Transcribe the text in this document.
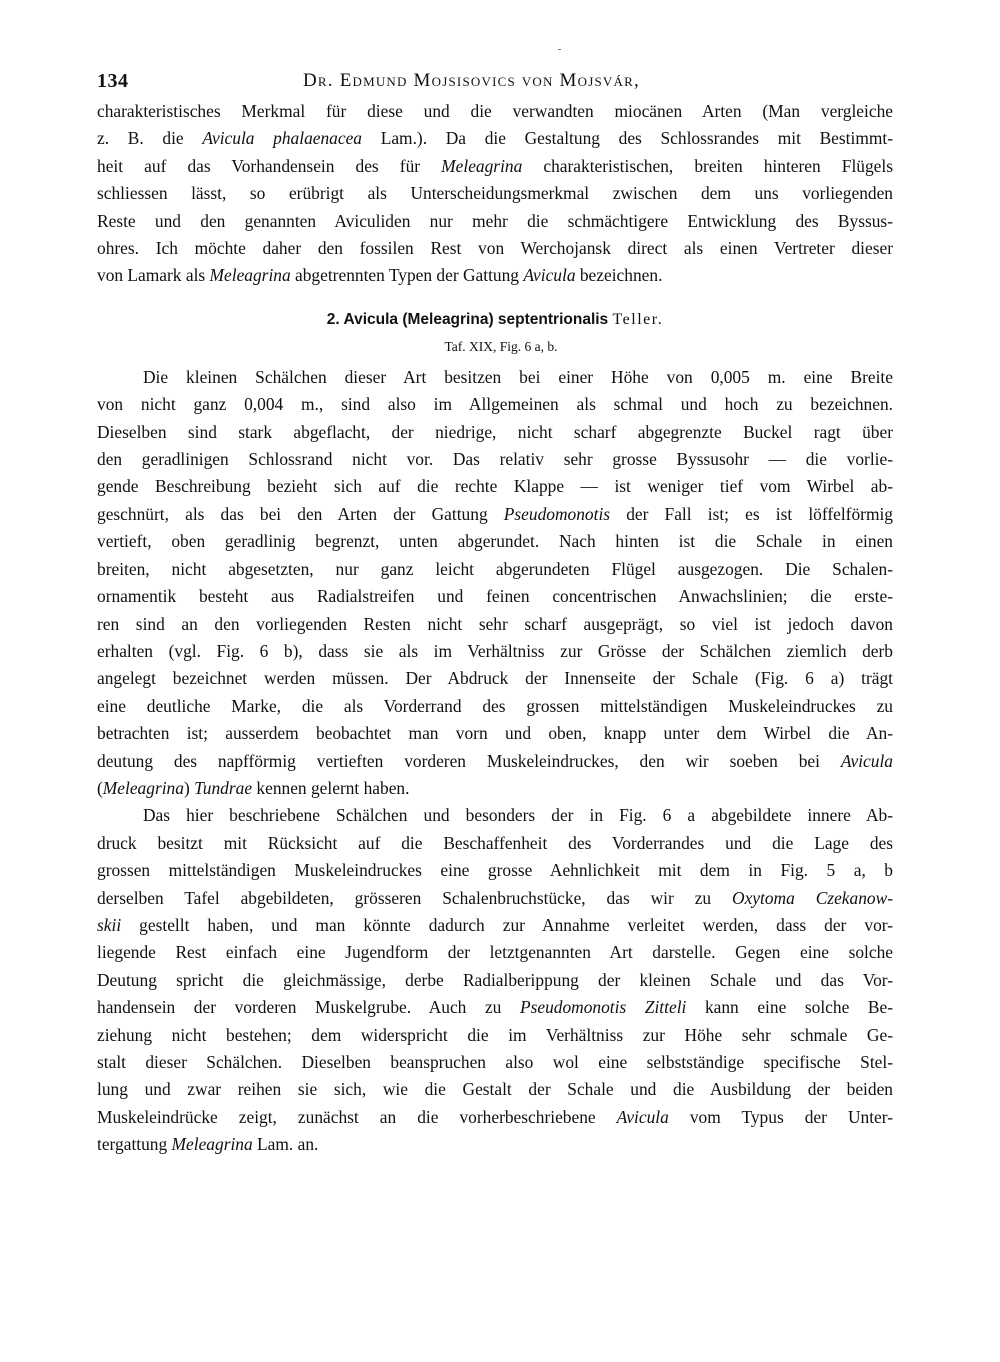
-
134	Dr. Edmund Mojsisovics von Mojsvár,
charakteristisches Merkmal für diese und die verwandten miocänen Arten (Man vergleiche
z. B. die Avicula phalaenacea Lam.). Da die Gestaltung des Schlossrandes mit Bestimmt-
heit auf das Vorhandensein des für Meleagrina charakteristischen, breiten hinteren Flügels
schliessen lässt, so erübrigt als Unterscheidungsmerkmal zwischen dem uns vorliegenden
Reste und den genannten Aviculiden nur mehr die schmächtigere Entwicklung des Byssus-
ohres. Ich möchte daher den fossilen Rest von Werchojansk direct als einen Vertreter dieser
von Lamark als Meleagrina abgetrennten Typen der Gattung Avicula bezeichnen.
2. Avicula (Meleagrina) septentrionalis Teller.
Taf. XIX, Fig. 6 a, b.
Die kleinen Schälchen dieser Art besitzen bei einer Höhe von 0,005 m. eine Breite
von nicht ganz 0,004 m., sind also im Allgemeinen als schmal und hoch zu bezeichnen.
Dieselben sind stark abgeflacht, der niedrige, nicht scharf abgegrenzte Buckel ragt über
den geradlinigen Schlossrand nicht vor. Das relativ sehr grosse Byssusohr — die vorlie-
gende Beschreibung bezieht sich auf die rechte Klappe — ist weniger tief vom Wirbel ab-
geschnürt, als das bei den Arten der Gattung Pseudomonotis der Fall ist; es ist löffelförmig
vertieft, oben geradlinig begrenzt, unten abgerundet. Nach hinten ist die Schale in einen
breiten, nicht abgesetzten, nur ganz leicht abgerundeten Flügel ausgezogen. Die Schalen-
ornamentik besteht aus Radialstreifen und feinen concentrischen Anwachslinien; die erste-
ren sind an den vorliegenden Resten nicht sehr scharf ausgeprägt, so viel ist jedoch davon
erhalten (vgl. Fig. 6 b), dass sie als im Verhältniss zur Grösse der Schälchen ziemlich derb
angelegt bezeichnet werden müssen. Der Abdruck der Innenseite der Schale (Fig. 6 a) trägt
eine deutliche Marke, die als Vorderrand des grossen mittelständigen Muskeleindruckes zu
betrachten ist; ausserdem beobachtet man vorn und oben, knapp unter dem Wirbel die An-
deutung des napfförmig vertieften vorderen Muskeleindruckes, den wir soeben bei Avicula
(Meleagrina) Tundrae kennen gelernt haben.
Das hier beschriebene Schälchen und besonders der in Fig. 6 a abgebildete innere Ab-
druck besitzt mit Rücksicht auf die Beschaffenheit des Vorderrandes und die Lage des
grossen mittelständigen Muskeleindruckes eine grosse Aehnlichkeit mit dem in Fig. 5 a, b
derselben Tafel abgebildeten, grösseren Schalenbruchstücke, das wir zu Oxytoma Czekanow-
skii gestellt haben, und man könnte dadurch zur Annahme verleitet werden, dass der vor-
liegende Rest einfach eine Jugendform der letztgenannten Art darstelle. Gegen eine solche
Deutung spricht die gleichmässige, derbe Radialberippung der kleinen Schale und das Vor-
handensein der vorderen Muskelgrube. Auch zu Pseudomonotis Zitteli kann eine solche Be-
ziehung nicht bestehen; dem widerspricht die im Verhältniss zur Höhe sehr schmale Ge-
stalt dieser Schälchen. Dieselben beanspruchen also wol eine selbstständige specifische Stel-
lung und zwar reihen sie sich, wie die Gestalt der Schale und die Ausbildung der beiden
Muskeleindrücke zeigt, zunächst an die vorherbeschriebene Avicula vom Typus der Unter-
tergattung Meleagrina Lam. an.
